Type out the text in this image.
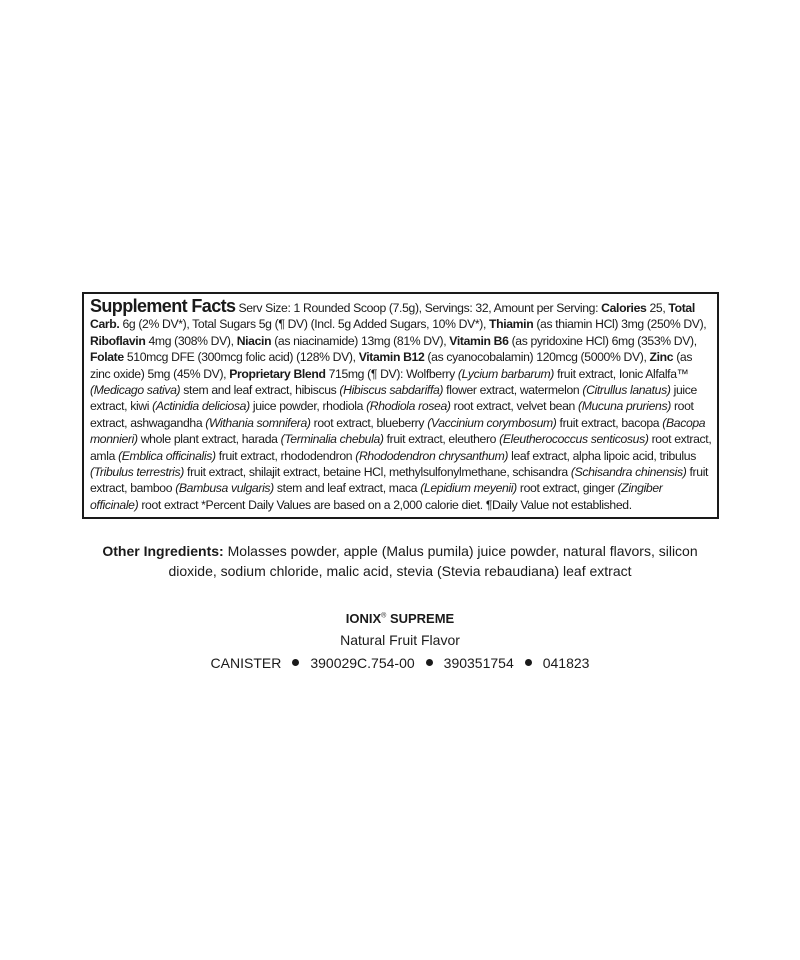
Supplement Facts Serv Size: 1 Rounded Scoop (7.5g), Servings: 32, Amount per Serving: Calories 25, Total Carb. 6g (2% DV*), Total Sugars 5g (¶ DV) (Incl. 5g Added Sugars, 10% DV*), Thiamin (as thiamin HCl) 3mg (250% DV), Riboflavin 4mg (308% DV), Niacin (as niacinamide) 13mg (81% DV), Vitamin B6 (as pyridoxine HCl) 6mg (353% DV), Folate 510mcg DFE (300mcg folic acid) (128% DV), Vitamin B12 (as cyanocobalamin) 120mcg (5000% DV), Zinc (as zinc oxide) 5mg (45% DV), Proprietary Blend 715mg (¶ DV): Wolfberry (Lycium barbarum) fruit extract, Ionic Alfalfa™ (Medicago sativa) stem and leaf extract, hibiscus (Hibiscus sabdariffa) flower extract, watermelon (Citrullus lanatus) juice extract, kiwi (Actinidia deliciosa) juice powder, rhodiola (Rhodiola rosea) root extract, velvet bean (Mucuna pruriens) root extract, ashwagandha (Withania somnifera) root extract, blueberry (Vaccinium corymbosum) fruit extract, bacopa (Bacopa monnieri) whole plant extract, harada (Terminalia chebula) fruit extract, eleuthero (Eleutherococcus senticosus) root extract, amla (Emblica officinalis) fruit extract, rhododendron (Rhododendron chrysanthum) leaf extract, alpha lipoic acid, tribulus (Tribulus terrestris) fruit extract, shilajit extract, betaine HCl, methylsulfonylmethane, schisandra (Schisandra chinensis) fruit extract, bamboo (Bambusa vulgaris) stem and leaf extract, maca (Lepidium meyenii) root extract, ginger (Zingiber officinale) root extract *Percent Daily Values are based on a 2,000 calorie diet. ¶Daily Value not established.
Other Ingredients: Molasses powder, apple (Malus pumila) juice powder, natural flavors, silicon dioxide, sodium chloride, malic acid, stevia (Stevia rebaudiana) leaf extract
IONIX® SUPREME
Natural Fruit Flavor
CANISTER 390029C.754-00 390351754 041823
